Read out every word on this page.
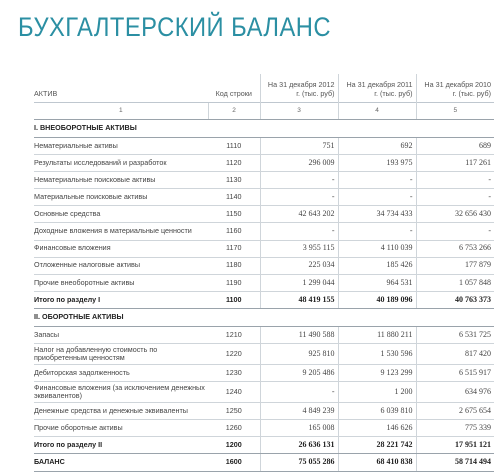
БУХГАЛТЕРСКИЙ БАЛАНС
АКТИВ	Код строки	На 31 декабря 2012 г. (тыс. руб)	На 31 декабря 2011 г. (тыс. руб)	На 31 декабря 2010 г. (тыс. руб)
1	2	3	4	5
I. ВНЕОБОРОТНЫЕ АКТИВЫ				
Нематериальные активы	1110	751	692	689
Результаты исследований и разработок	1120	296 009	193 975	117 261
Нематериальные поисковые активы	1130	-	-	-
Материальные поисковые активы	1140	-	-	-
Основные средства	1150	42 643 202	34 734 433	32 656 430
Доходные вложения в материальные ценности	1160	-	-	-
Финансовые вложения	1170	3 955 115	4 110 039	6 753 266
Отложенные налоговые активы	1180	225 034	185 426	177 879
Прочие внеоборотные активы	1190	1 299 044	964 531	1 057 848
Итого по разделу I	1100	48 419 155	40 189 096	40 763 373
II. ОБОРОТНЫЕ АКТИВЫ				
Запасы	1210	11 490 588	11 880 211	6 531 725
Налог на добавленную стоимость по приобретенным ценностям	1220	925 810	1 530 596	817 420
Дебиторская задолженность	1230	9 205 486	9 123 299	6 515 917
Финансовые вложения (за исключением денежных эквивалентов)	1240	-	1 200	634 976
Денежные средства и денежные эквиваленты	1250	4 849 239	6 039 810	2 675 654
Прочие оборотные активы	1260	165 008	146 626	775 339
Итого по разделу II	1200	26 636 131	28 221 742	17 951 121
БАЛАНС	1600	75 055 286	68 410 838	58 714 494
